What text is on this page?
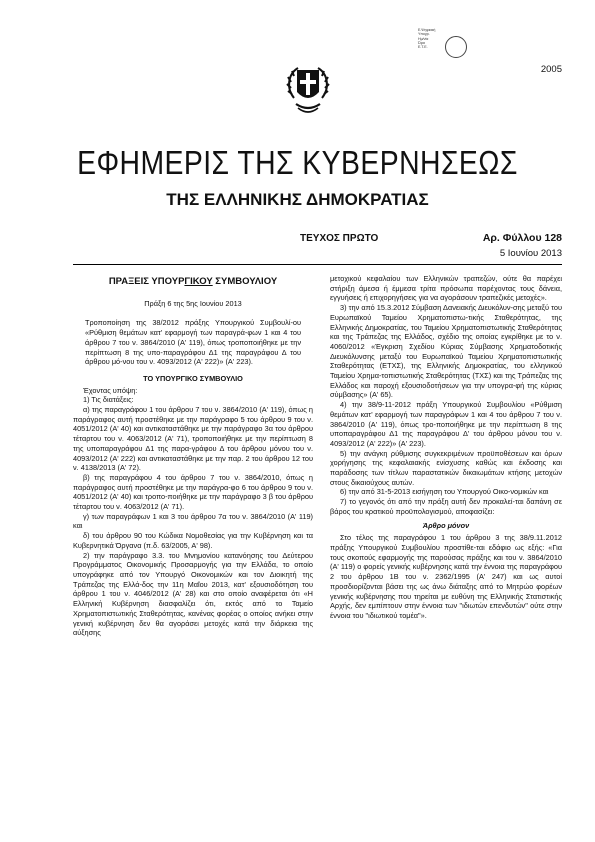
Ε.Ψηφιακή
Υπογρ.
Ημ/νία
Ώρα
Ε.Τ.Ε.
2005
ΕΦΗΜΕΡΙΣ ΤΗΣ ΚΥΒΕΡΝΗΣΕΩΣ
ΤΗΣ ΕΛΛΗΝΙΚΗΣ ΔΗΜΟΚΡΑΤΙΑΣ
ΤΕΥΧΟΣ ΠΡΩΤΟ	Αρ. Φύλλου 128
5 Ιουνίου 2013

ΠΡΑΞΕΙΣ ΥΠΟΥΡΓΙΚΟΥ ΣΥΜΒΟΥΛΙΟΥ

Πράξη 6 της 5ης Ιουνίου 2013

Τροποποίηση της 38/2012 πράξης Υπουργικού Συμβουλί-ου «Ρύθμιση θεμάτων κατ' εφαρμογή των παραγρά-φων 1 και 4 του άρθρου 7 του ν. 3864/2010 (Α' 119), όπως τροποποιήθηκε με την περίπτωση 8 της υπο-παραγράφου Δ1 της παραγράφου Δ του άρθρου μό-νου του ν. 4093/2012 (Α' 222)» (Α' 223).

ΤΟ ΥΠΟΥΡΓΙΚΟ ΣΥΜΒΟΥΛΙΟ

Έχοντας υπόψη:

1) Τις διατάξεις:

α) της παραγράφου 1 του άρθρου 7 του ν. 3864/2010 (Α' 119), όπως η παράγραφος αυτή προστέθηκε με την παράγραφο 5 του άρθρου 9 του ν. 4051/2012 (Α' 40) και αντικαταστάθηκε με την παράγραφο 3α του άρθρου τέταρτου του ν. 4063/2012 (Α' 71), τροποποιήθηκε με την περίπτωση 8 της υποπαραγράφου Δ1 της παρα-γράφου Δ του άρθρου μόνου του ν. 4093/2012 (Α' 222) και αντικαταστάθηκε με την παρ. 2 του άρθρου 12 του ν. 4138/2013 (Α' 72).

β) της παραγράφου 4 του άρθρου 7 του ν. 3864/2010, όπως η παράγραφος αυτή προστέθηκε με την παράγρα-φο 6 του άρθρου 9 του ν. 4051/2012 (Α' 40) και τροπο-ποιήθηκε με την παράγραφο 3 β του άρθρου τέταρτου του ν. 4063/2012 (Α' 71).

γ) των παραγράφων 1 και 3 του άρθρου 7α του ν. 3864/2010 (Α' 119) και

δ) του άρθρου 90 του Κώδικα Νομοθεσίας για την Κυβέρνηση και τα Κυβερνητικά Όργανα (π.δ. 63/2005, Α' 98).

2) την παράγραφο 3.3. του Μνημονίου κατανόησης του Δεύτερου Προγράμματος Οικονομικής Προσαρμογής για την Ελλάδα, το οποίο υπογράφηκε από τον Υπουργό Οικονομικών και τον Διοικητή της Τράπεζας της Ελλά-δος την 11η Μαΐου 2013, κατ' εξουσιοδότηση του άρθρου 1 του ν. 4046/2012 (Α' 28) και στο οποίο αναφέρεται ότι «Η Ελληνική Κυβέρνηση διασφαλίζει ότι, εκτός από το Ταμείο Χρηματοπιστωτικής Σταθερότητας, κανένας φορέας ο οποίος ανήκει στην γενική κυβέρνηση δεν θα αγοράσει μετοχές κατά την διάρκεια της αύξησης

μετοχικού κεφαλαίου των Ελληνικών τραπεζών, ούτε θα παρέχει στήριξη άμεσα ή έμμεσα τρίτα πρόσωπα παρέχοντας τους δάνεια, εγγυήσεις ή επιχορηγήσεις για να αγοράσουν τραπεζικές μετοχές».

3) την από 15.3.2012 Σύμβαση Δανειακής Διευκόλυν-σης μεταξύ του Ευρωπαϊκού Ταμείου Χρηματοπιστω-τικής Σταθερότητας, της Ελληνικής Δημοκρατίας, του Ταμείου Χρηματοπιστωτικής Σταθερότητας και της Τράπεζας της Ελλάδος, σχέδιο της οποίας εγκρίθηκε με το ν. 4060/2012 «Έγκριση Σχεδίου Κύριας Σύμβασης Χρηματοδοτικής Διευκόλυνσης μεταξύ του Ευρωπαϊκού Ταμείου Χρηματοπιστωτικής Σταθερότητας (ΕΤΧΣ), της Ελληνικής Δημοκρατίας, του ελληνικού Ταμείου Χρημα-τοπιστωτικής Σταθερότητας (ΤΧΣ) και της Τράπεζας της Ελλάδος και παροχή εξουσιοδοτήσεων για την υπογρα-φή της κύριας σύμβασης» (Α' 65).

4) την 38/9-11-2012 πράξη Υπουργικού Συμβουλίου «Ρύθμιση θεμάτων κατ' εφαρμογή των παραγράφων 1 και 4 του άρθρου 7 του ν. 3864/2010 (Α' 119), όπως τρο-ποποιήθηκε με την περίπτωση 8 της υποπαραγράφου Δ1 της παραγράφου Δ' του άρθρου μόνου του ν. 4093/2012 (Α' 222)» (Α' 223).

5) την ανάγκη ρύθμισης συγκεκριμένων προϋποθέσεων και όρων χορήγησης της κεφαλαιακής ενίσχυσης καθώς και έκδοσης και παράδοσης των τίτλων παραστατικών δικαιωμάτων κτήσης μετοχών στους δικαιούχους αυτών.

6) την από 31-5-2013 εισήγηση του Υπουργού Οικο-νομικών και

7) το γεγονός ότι από την πράξη αυτή δεν προκαλεί-ται δαπάνη σε βάρος του κρατικού προϋπολογισμού, αποφασίζει:

Άρθρο μόνον

Στο τέλος της παραγράφου 1 του άρθρου 3 της 38/9.11.2012 πράξης Υπουργικού Συμβουλίου προστίθε-ται εδάφιο ως εξής: «Για τους σκοπούς εφαρμογής της παρούσας πράξης και του ν. 3864/2010 (Α' 119) ο φορείς γενικής κυβέρνησης κατά την έννοια της παραγράφου 2 του άρθρου 1Β του ν. 2362/1995 (Α' 247) και ως αυτοί προσδιορίζονται βάσει της ως άνω διάταξης από το Μητρώο φορέων γενικής κυβέρνησης που τηρείται με ευθύνη της Ελληνικής Στατιστικής Αρχής, δεν εμπίπτουν στην έννοια των "ιδιωτών επενδυτών" ούτε στην έννοια του "ιδιωτικού τομέα"».
